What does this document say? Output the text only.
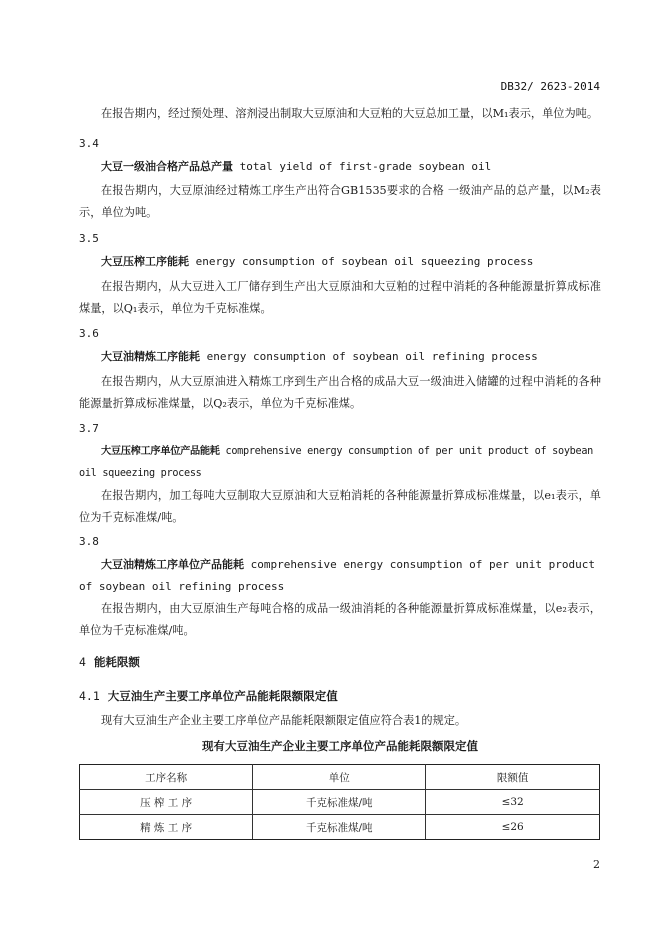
DB32/ 2623-2014
在报告期内，经过预处理、溶剂浸出制取大豆原油和大豆粕的大豆总加工量，以M₁表示，单位为吨。
3.4
大豆一级油合格产品总产量 total yield of first-grade soybean oil
在报告期内，大豆原油经过精炼工序生产出符合GB1535要求的合格 一级油产品的总产量，以M₂表示，单位为吨。
3.5
大豆压榨工序能耗 energy consumption of soybean oil squeezing process
在报告期内，从大豆进入工厂储存到生产出大豆原油和大豆粕的过程中消耗的各种能源量折算成标准煤量，以Q₁表示，单位为千克标准煤。
3.6
大豆油精炼工序能耗 energy consumption of soybean oil refining process
在报告期内，从大豆原油进入精炼工序到生产出合格的成品大豆一级油进入储罐的过程中消耗的各种能源量折算成标准煤量，以Q₂表示，单位为千克标准煤。
3.7
大豆压榨工序单位产品能耗 comprehensive energy consumption of per unit product of soybean oil squeezing process
在报告期内，加工每吨大豆制取大豆原油和大豆粕消耗的各种能源量折算成标准煤量，以e₁表示，单位为千克标准煤/吨。
3.8
大豆油精炼工序单位产品能耗 comprehensive energy consumption of per unit product of soybean oil refining process
在报告期内，由大豆原油生产每吨合格的成品一级油消耗的各种能源量折算成标准煤量，以e₂表示，单位为千克标准煤/吨。
4 能耗限额
4.1 大豆油生产主要工序单位产品能耗限额限定值
现有大豆油生产企业主要工序单位产品能耗限额限定值应符合表1的规定。
现有大豆油生产企业主要工序单位产品能耗限额限定值
工序名称	单位	限额值
压 榨 工 序	千克标准煤/吨	≤32
精 炼 工 序	千克标准煤/吨	≤26
2
